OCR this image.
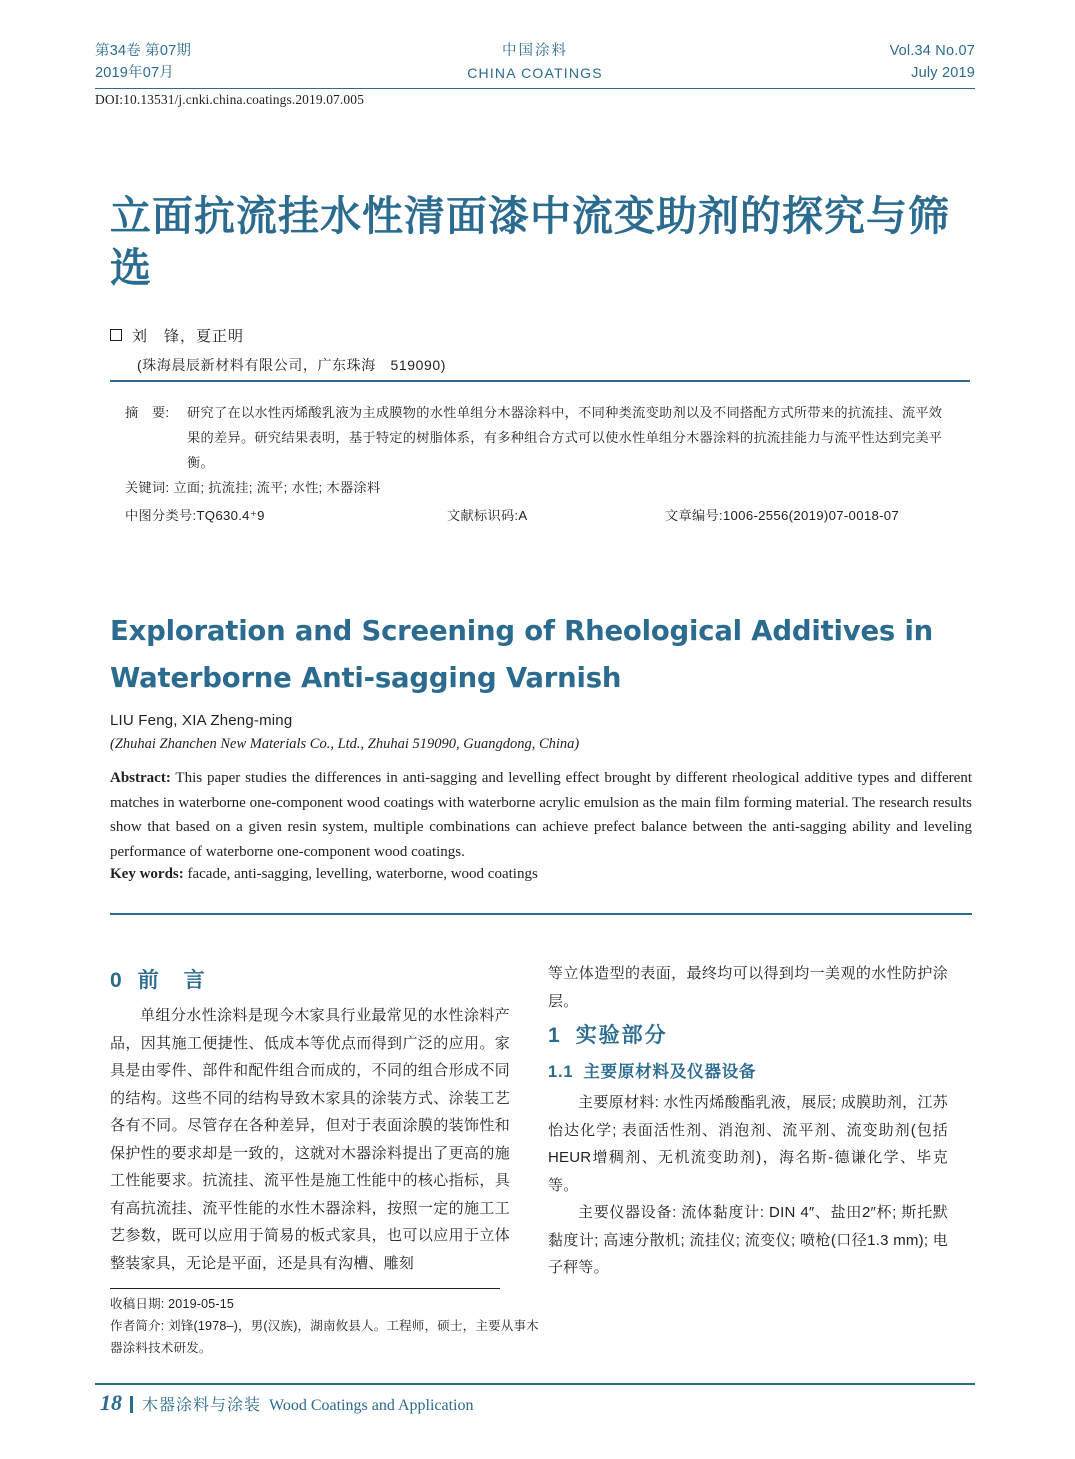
第34卷 第07期
2019年07月
中国涂料
CHINA COATINGS
Vol.34 No.07
July 2019
DOI:10.13531/j.cnki.china.coatings.2019.07.005
立面抗流挂水性清面漆中流变助剂的探究与筛选
刘　锋，夏正明
(珠海晨辰新材料有限公司，广东珠海　519090)
摘　要:	研究了在以水性丙烯酸乳液为主成膜物的水性单组分木器涂料中，不同种类流变助剂以及不同搭配方式所带来的抗流挂、流平效果的差异。研究结果表明，基于特定的树脂体系，有多种组合方式可以使水性单组分木器涂料的抗流挂能力与流平性达到完美平衡。
关键词: 立面; 抗流挂; 流平; 水性; 木器涂料
中图分类号:TQ630.4⁺9	文献标识码:A	文章编号:1006-2556(2019)07-0018-07
Exploration and Screening of Rheological Additives in Waterborne Anti-sagging Varnish
LIU Feng, XIA Zheng-ming
(Zhuhai Zhanchen New Materials Co., Ltd., Zhuhai 519090, Guangdong, China)
Abstract: This paper studies the differences in anti-sagging and levelling effect brought by different rheological additive types and different matches in waterborne one-component wood coatings with waterborne acrylic emulsion as the main film forming material. The research results show that based on a given resin system, multiple combinations can achieve prefect balance between the anti-sagging ability and leveling performance of waterborne one-component wood coatings.
Key words: facade, anti-sagging, levelling, waterborne, wood coatings
0 前　言

单组分水性涂料是现今木家具行业最常见的水性涂料产品，因其施工便捷性、低成本等优点而得到广泛的应用。家具是由零件、部件和配件组合而成的，不同的组合形成不同的结构。这些不同的结构导致木家具的涂装方式、涂装工艺各有不同。尽管存在各种差异，但对于表面涂膜的装饰性和保护性的要求却是一致的，这就对木器涂料提出了更高的施工性能要求。抗流挂、流平性是施工性能中的核心指标，具有高抗流挂、流平性能的水性木器涂料，按照一定的施工工艺参数，既可以应用于简易的板式家具，也可以应用于立体整装家具，无论是平面，还是具有沟槽、雕刻

等立体造型的表面，最终均可以得到均一美观的水性防护涂层。

1 实验部分
1.1 主要原材料及仪器设备

主要原材料: 水性丙烯酸酯乳液，展辰; 成膜助剂，江苏怡达化学; 表面活性剂、消泡剂、流平剂、流变助剂(包括HEUR增稠剂、无机流变助剂)，海名斯-德谦化学、毕克等。

主要仪器设备: 流体黏度计: DIN 4″、盐田2″杯; 斯托默黏度计; 高速分散机; 流挂仪; 流变仪; 喷枪(口径1.3 mm); 电子秤等。

收稿日期: 2019-05-15
作者简介: 刘锋(1978–)，男(汉族)，湖南攸县人。工程师，硕士，主要从事木器涂料技术研发。
18 木器涂料与涂装 Wood Coatings and Application
